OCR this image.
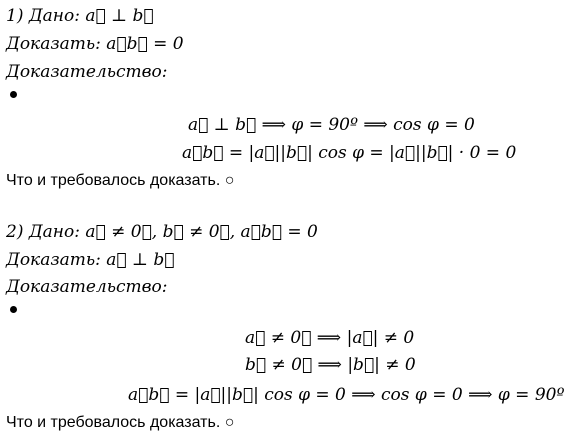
1) Дано: a⃗ ⊥ b⃗
Доказать: a⃗b⃗ = 0
Доказательство:
a⃗ ⊥ b⃗ ⟹ φ = 90º ⟹ cos φ = 0
a⃗b⃗ = |a⃗||b⃗| cos φ = |a⃗||b⃗| · 0 = 0
Что и требовалось доказать. ○
2) Дано: a⃗ ≠ 0⃗, b⃗ ≠ 0⃗, a⃗b⃗ = 0
Доказать: a⃗ ⊥ b⃗
Доказательство:
a⃗ ≠ 0⃗ ⟹ |a⃗| ≠ 0
b⃗ ≠ 0⃗ ⟹ |b⃗| ≠ 0
a⃗b⃗ = |a⃗||b⃗| cos φ = 0 ⟹ cos φ = 0 ⟹ φ = 90º
Что и требовалось доказать. ○
